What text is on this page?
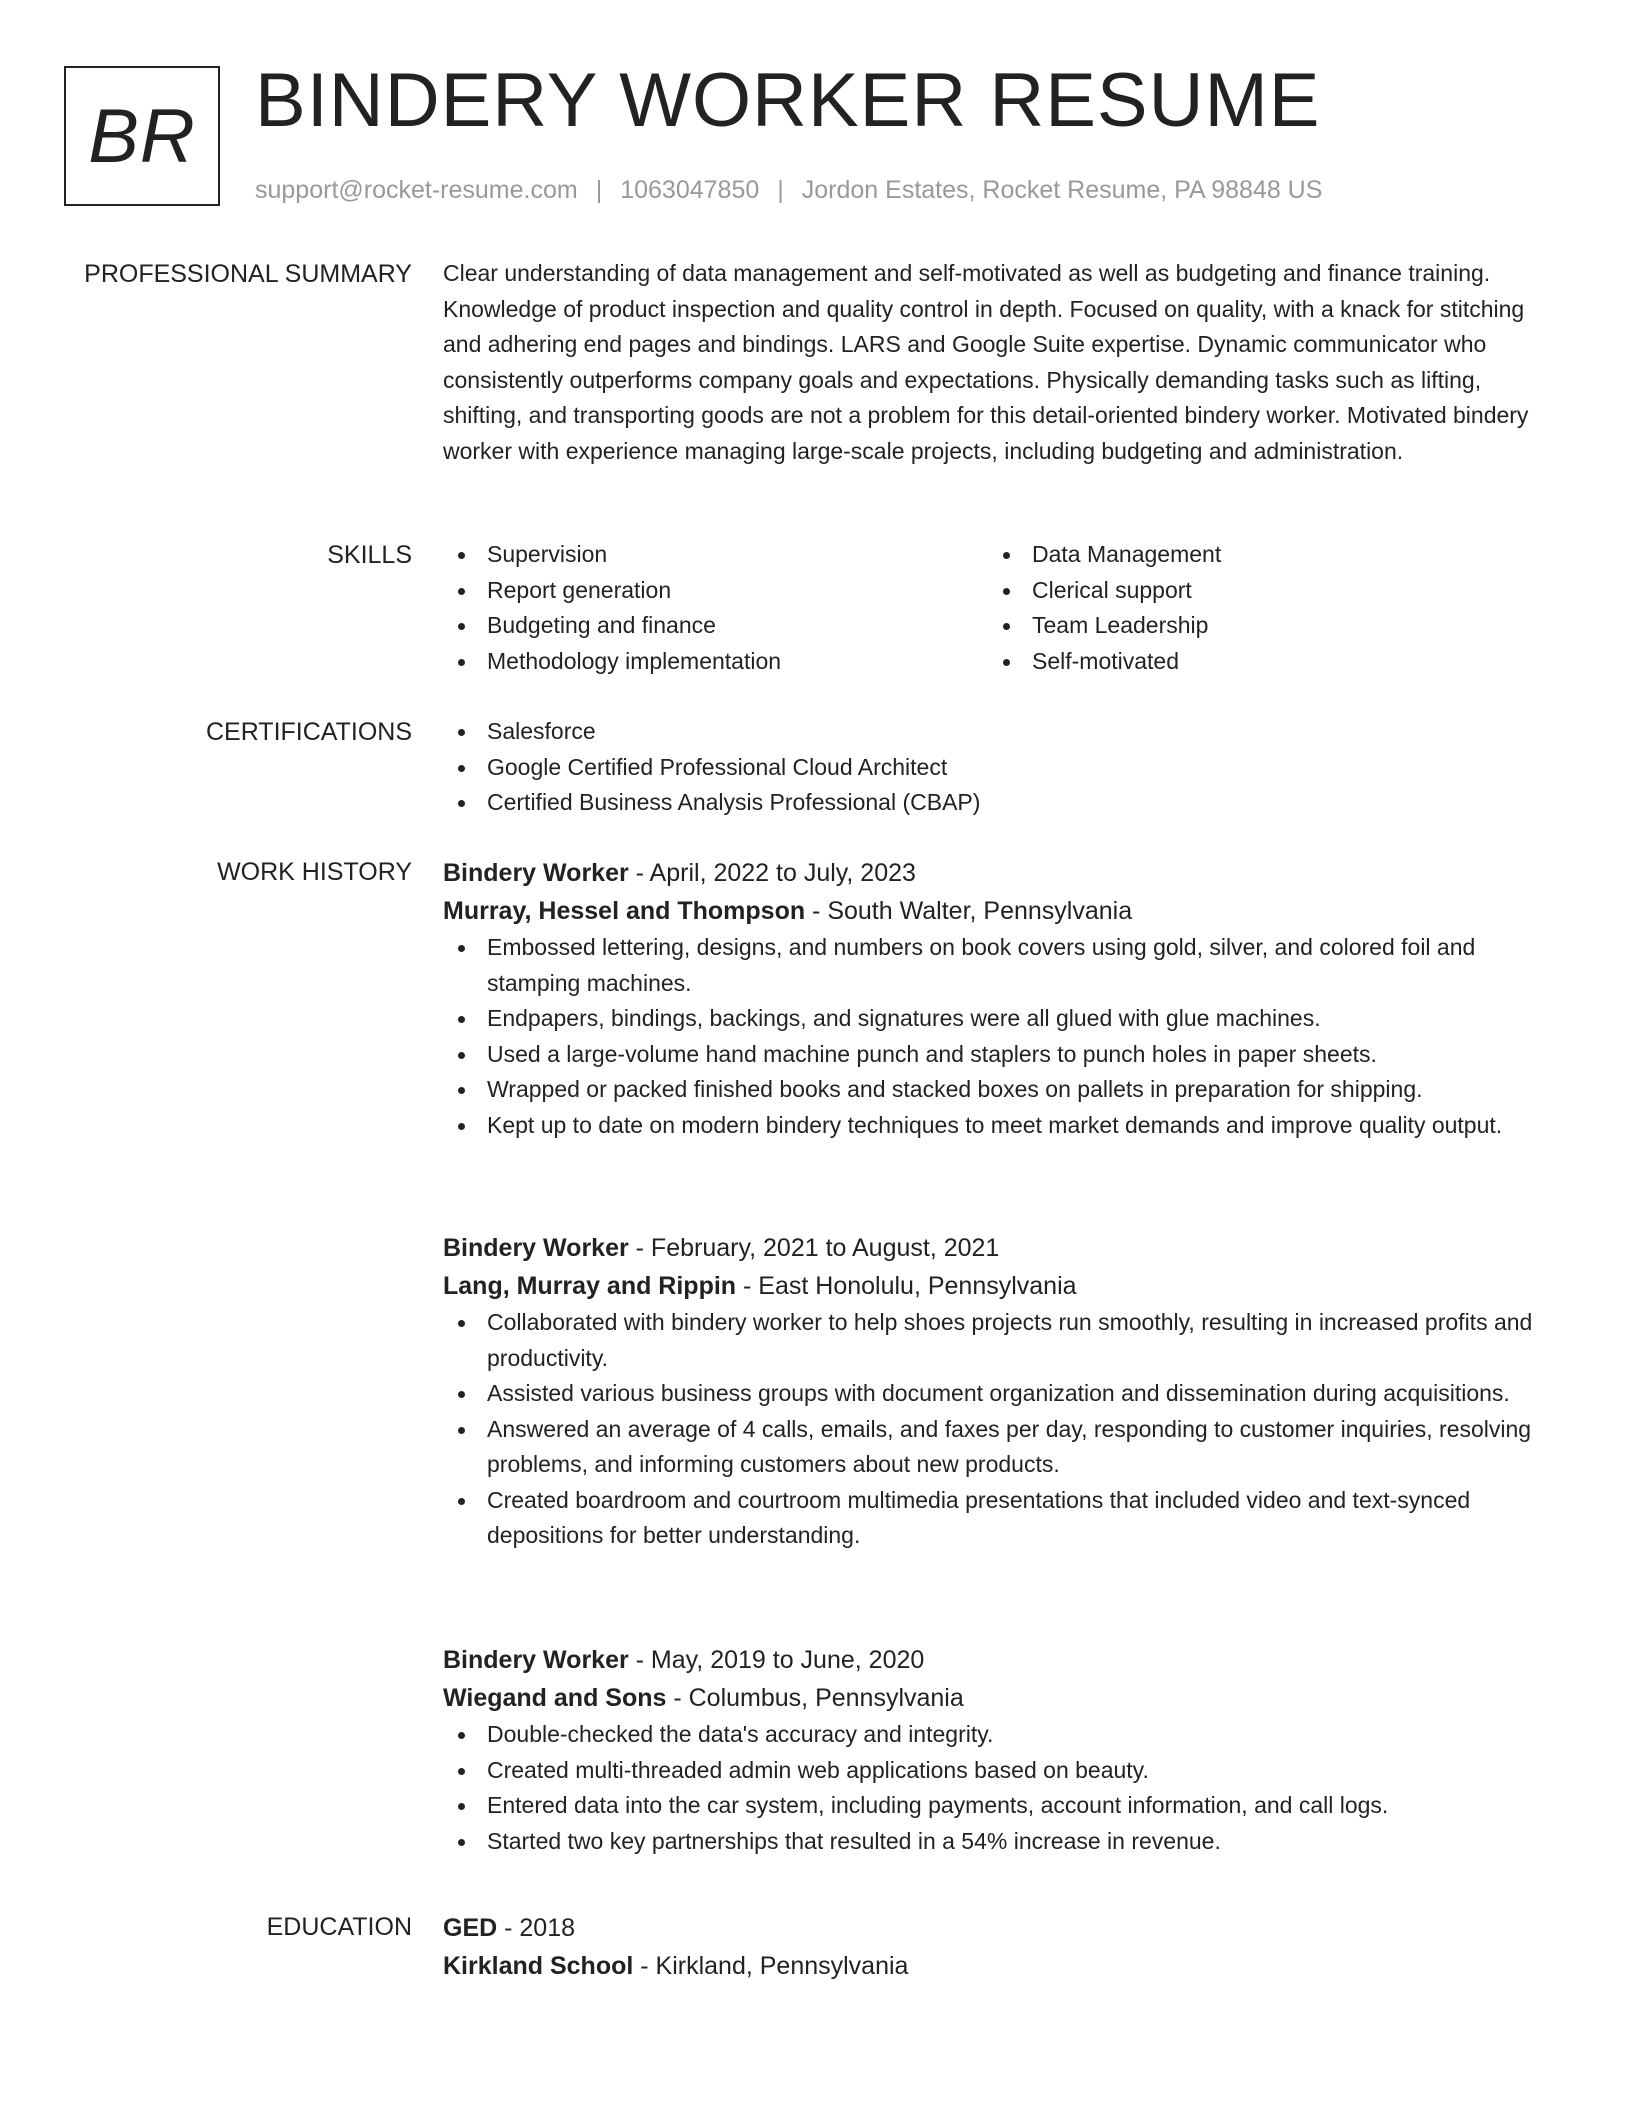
BR BINDERY WORKER RESUME
support@rocket-resume.com | 1063047850 | Jordon Estates, Rocket Resume, PA 98848 US
PROFESSIONAL SUMMARY Clear understanding of data management and self-motivated as well as budgeting and finance training. Knowledge of product inspection and quality control in depth. Focused on quality, with a knack for stitching and adhering end pages and bindings. LARS and Google Suite expertise. Dynamic communicator who consistently outperforms company goals and expectations. Physically demanding tasks such as lifting, shifting, and transporting goods are not a problem for this detail-oriented bindery worker. Motivated bindery worker with experience managing large-scale projects, including budgeting and administration.

SKILLS	Supervision
Report generation
Budgeting and finance
Methodology implementation
Data Management
Clerical support
Team Leadership
Self-motivated
CERTIFICATIONS	Salesforce
Google Certified Professional Cloud Architect
Certified Business Analysis Professional (CBAP)
WORK HISTORY Bindery Worker - April, 2022 to July, 2023
Murray, Hessel and Thompson - South Walter, Pennsylvania
Embossed lettering, designs, and numbers on book covers using gold, silver, and colored foil and stamping machines.
Endpapers, bindings, backings, and signatures were all glued with glue machines.
Used a large-volume hand machine punch and staplers to punch holes in paper sheets.
Wrapped or packed finished books and stacked boxes on pallets in preparation for shipping.
Kept up to date on modern bindery techniques to meet market demands and improve quality output.
Bindery Worker - February, 2021 to August, 2021
Lang, Murray and Rippin - East Honolulu, Pennsylvania
Collaborated with bindery worker to help shoes projects run smoothly, resulting in increased profits and productivity.
Assisted various business groups with document organization and dissemination during acquisitions.
Answered an average of 4 calls, emails, and faxes per day, responding to customer inquiries, resolving problems, and informing customers about new products.
Created boardroom and courtroom multimedia presentations that included video and text-synced depositions for better understanding.
Bindery Worker - May, 2019 to June, 2020
Wiegand and Sons - Columbus, Pennsylvania
Double-checked the data's accuracy and integrity.
Created multi-threaded admin web applications based on beauty.
Entered data into the car system, including payments, account information, and call logs.
Started two key partnerships that resulted in a 54% increase in revenue.
EDUCATION GED - 2018
Kirkland School - Kirkland, Pennsylvania
